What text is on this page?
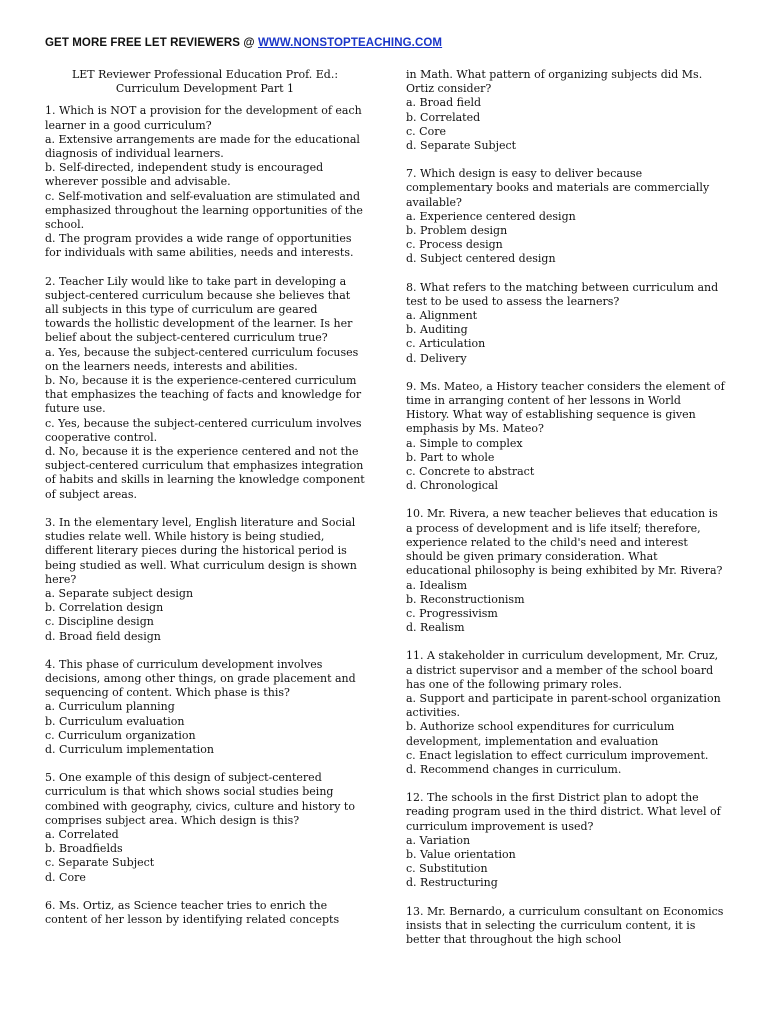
GET MORE FREE LET REVIEWERS @ WWW.NONSTOPTEACHING.COM
LET Reviewer Professional Education Prof. Ed.:
Curriculum Development Part 1

1. Which is NOT a provision for the development of each learner in a good curriculum?

a. Extensive arrangements are made for the educational diagnosis of individual learners.

b. Self-directed, independent study is encouraged wherever possible and advisable.

c. Self-motivation and self-evaluation are stimulated and emphasized throughout the learning opportunities of the school.

d. The program provides a wide range of opportunities for individuals with same abilities, needs and interests.

2. Teacher Lily would like to take part in developing a subject-centered curriculum because she believes that all subjects in this type of curriculum are geared towards the hollistic development of the learner. Is her belief about the subject-centered curriculum true?

a. Yes, because the subject-centered curriculum focuses on the learners needs, interests and abilities.

b. No, because it is the experience-centered curriculum that emphasizes the teaching of facts and knowledge for future use.

c. Yes, because the subject-centered curriculum involves cooperative control.

d. No, because it is the experience centered and not the subject-centered curriculum that emphasizes integration of habits and skills in learning the knowledge component of subject areas.

3. In the elementary level, English literature and Social studies relate well. While history is being studied, different literary pieces during the historical period is being studied as well. What curriculum design is shown here?

a. Separate subject design

b. Correlation design

c. Discipline design

d. Broad field design

4. This phase of curriculum development involves decisions, among other things, on grade placement and sequencing of content. Which phase is this?

a. Curriculum planning

b. Curriculum evaluation

c. Curriculum organization

d. Curriculum implementation

5. One example of this design of subject-centered curriculum is that which shows social studies being combined with geography, civics, culture and history to comprises subject area. Which design is this?

a. Correlated

b. Broadfields

c. Separate Subject

d. Core

6. Ms. Ortiz, as Science teacher tries to enrich the content of her lesson by identifying related concepts

in Math. What pattern of organizing subjects did Ms. Ortiz consider?

a. Broad field

b. Correlated

c. Core

d. Separate Subject

7. Which design is easy to deliver because complementary books and materials are commercially available?

a. Experience centered design

b. Problem design

c. Process design

d. Subject centered design

8. What refers to the matching between curriculum and test to be used to assess the learners?

a. Alignment

b. Auditing

c. Articulation

d. Delivery

9. Ms. Mateo, a History teacher considers the element of time in arranging content of her lessons in World History. What way of establishing sequence is given emphasis by Ms. Mateo?

a. Simple to complex

b. Part to whole

c. Concrete to abstract

d. Chronological

10. Mr. Rivera, a new teacher believes that education is a process of development and is life itself; therefore, experience related to the child's need and interest should be given primary consideration. What educational philosophy is being exhibited by Mr. Rivera?

a. Idealism

b. Reconstructionism

c. Progressivism

d. Realism

11. A stakeholder in curriculum development, Mr. Cruz, a district supervisor and a member of the school board has one of the following primary roles.

a. Support and participate in parent-school organization activities.

b. Authorize school expenditures for curriculum development, implementation and evaluation

c. Enact legislation to effect curriculum improvement.

d. Recommend changes in curriculum.

12. The schools in the first District plan to adopt the reading program used in the third district. What level of curriculum improvement is used?

a. Variation

b. Value orientation

c. Substitution

d. Restructuring

13. Mr. Bernardo, a curriculum consultant on Economics insists that in selecting the curriculum content, it is better that throughout the high school
